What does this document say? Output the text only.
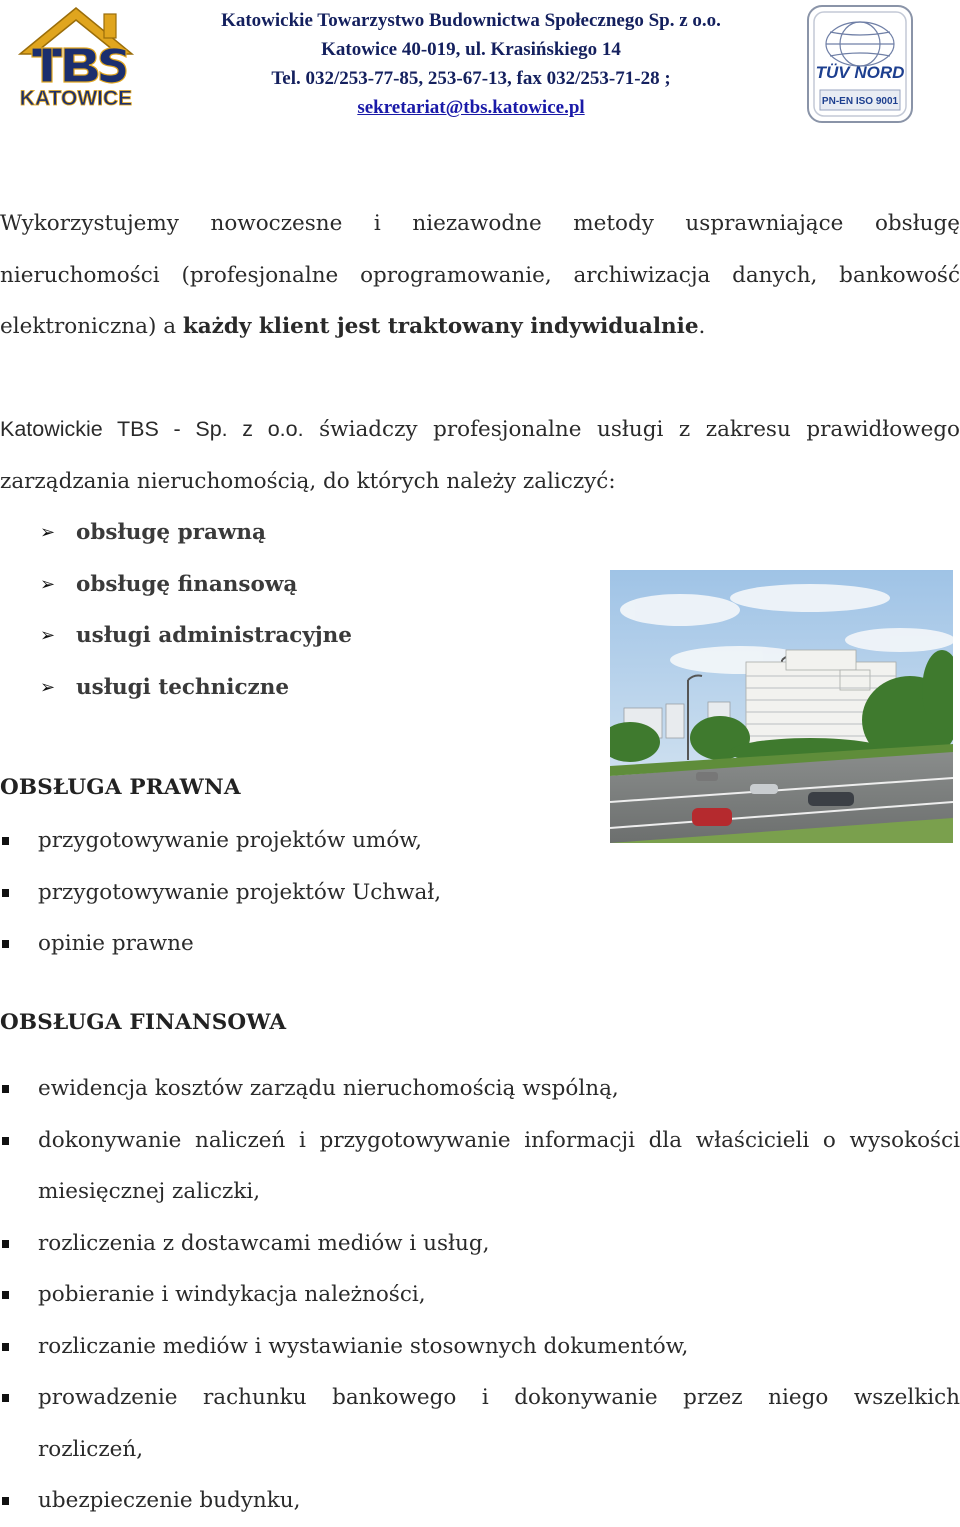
KATOWICE
Katowickie Towarzystwo Budownictwa Społecznego Sp. z o.o.
Katowice 40-019, ul. Krasińskiego 14
Tel. 032/253-77-85, 253-67-13, fax 032/253-71-28 ;
sekretariat@tbs.katowice.pl
TÜV NORD
PN-EN ISO 9001
Wykorzystujemy nowoczesne i niezawodne metody usprawniające obsługę
nieruchomości (profesjonalne oprogramowanie, archiwizacja danych, bankowość
elektroniczna) a każdy klient jest traktowany indywidualnie.
Katowickie TBS - Sp. z o.o. świadczy profesjonalne usługi z zakresu prawidłowego
zarządzania nieruchomością, do których należy zaliczyć:
➢ obsługę prawną
➢ obsługę finansową
➢ usługi administracyjne
➢ usługi techniczne
OBSŁUGA PRAWNA
przygotowywanie projektów umów,
przygotowywanie projektów Uchwał,
opinie prawne
OBSŁUGA FINANSOWA
ewidencja kosztów zarządu nieruchomością wspólną,
dokonywanie naliczeń i przygotowywanie informacji dla właścicieli o wysokości
miesięcznej zaliczki,
rozliczenia z dostawcami mediów i usług,
pobieranie i windykacja należności,
rozliczanie mediów i wystawianie stosownych dokumentów,
prowadzenie rachunku bankowego i dokonywanie przez niego wszelkich
rozliczeń,
ubezpieczenie budynku,
